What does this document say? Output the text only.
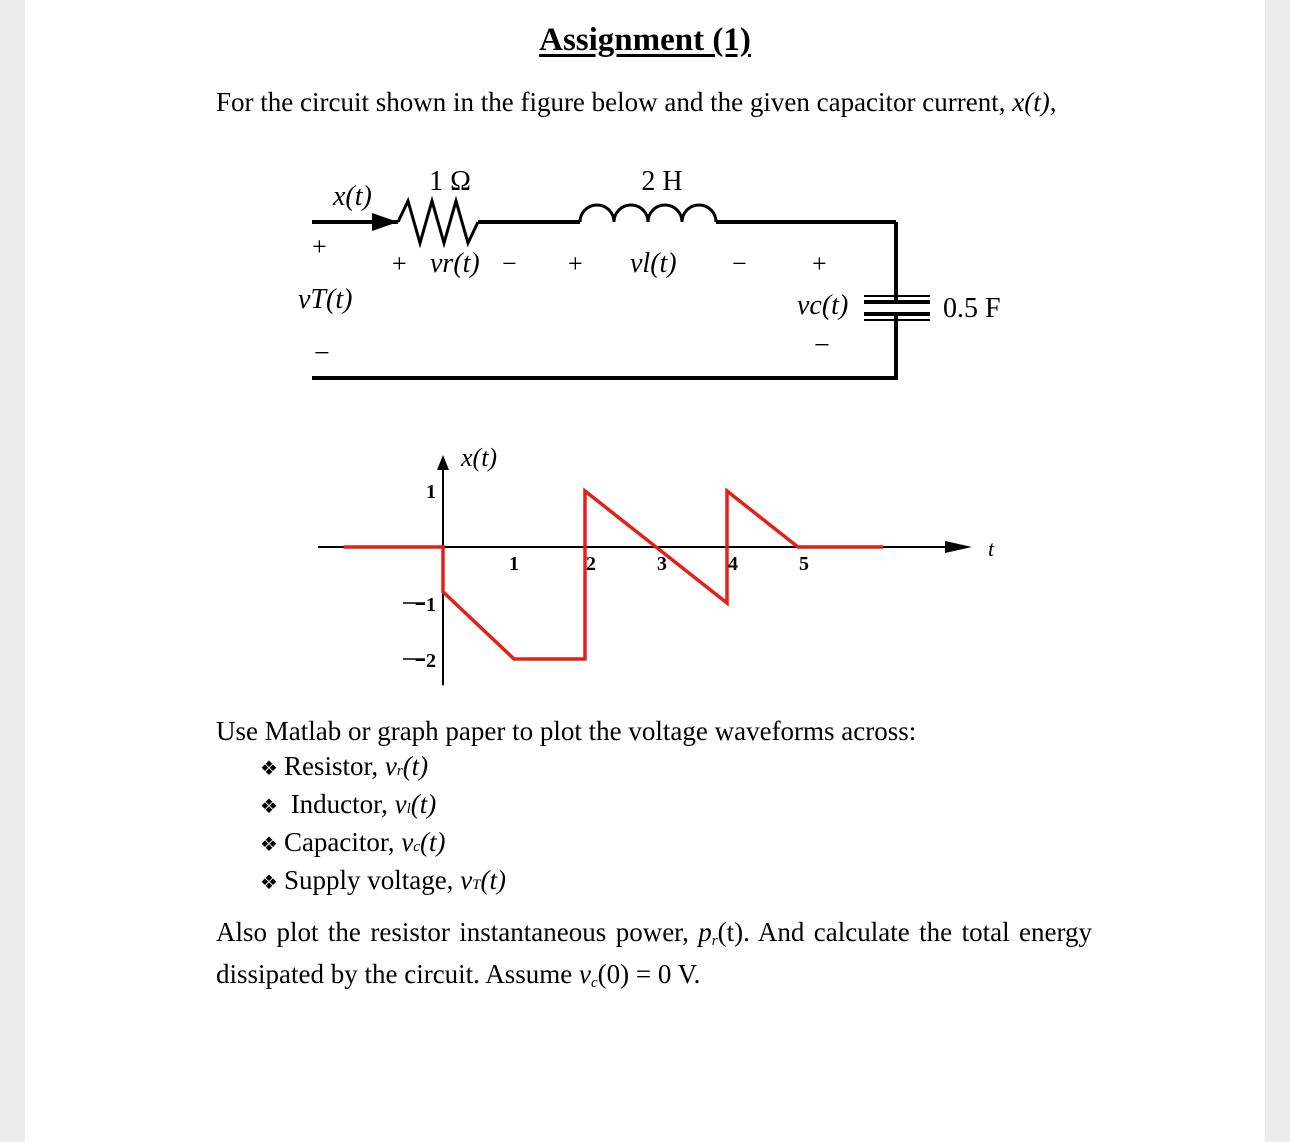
Assignment (1)
For the circuit shown in the figure below and the given capacitor current, x(t),
1 Ω	2 H
x(t)
0.5 F
+
vT(t)
−
+ vr(t) − + vl(t) −	+
vc(t)
−
x(t)
t
1	2	3	4	5
1
−1
−2
Use Matlab or graph paper to plot the voltage waveforms across:
❖ Resistor, v r (t)
❖ Inductor, v l (t)
❖ Capacitor, v c (t)
❖ Supply voltage, v T (t)
Also plot the resistor instantaneous power, $p_r(t)$. And calculate the total energy dissipated by the circuit. Assume $v_c(0) = 0$ V.
